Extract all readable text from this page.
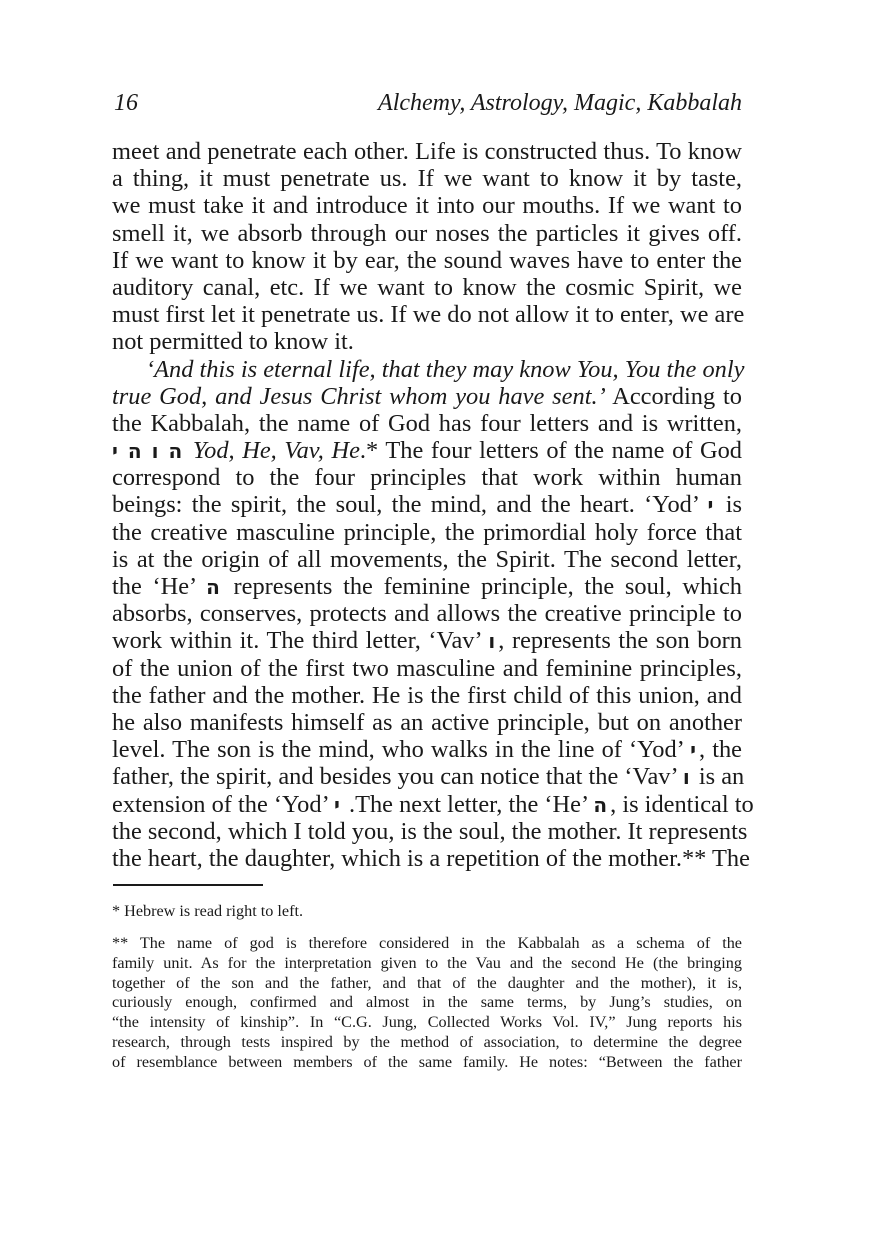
16	Alchemy, Astrology, Magic, Kabbalah
meet and penetrate each other. Life is constructed thus. To know
a thing, it must penetrate us. If we want to know it by taste,
we must take it and introduce it into our mouths. If we want to
smell it, we absorb through our noses the particles it gives off.
If we want to know it by ear, the sound waves have to enter the
auditory canal, etc. If we want to know the cosmic Spirit, we
must first let it penetrate us. If we do not allow it to enter, we are
not permitted to know it.
‘And this is eternal life, that they may know You, You the only
true God, and Jesus Christ whom you have sent.’ According to
the Kabbalah, the name of God has four letters and is written,
ה ו ה י Yod, He, Vav, He.* The four letters of the name of God
correspond to the four principles that work within human
beings: the spirit, the soul, the mind, and the heart. ‘Yod’ י is
the creative masculine principle, the primordial holy force that
is at the origin of all movements, the Spirit. The second letter,
the ‘He’ ה represents the feminine principle, the soul, which
absorbs, conserves, protects and allows the creative principle to
work within it. The third letter, ‘Vav’ ו, represents the son born
of the union of the first two masculine and feminine principles,
the father and the mother. He is the first child of this union, and
he also manifests himself as an active principle, but on another
level. The son is the mind, who walks in the line of ‘Yod’ י, the
father, the spirit, and besides you can notice that the ‘Vav’ ו is an
extension of the ‘Yod’ י .The next letter, the ‘He’ ה, is identical to
the second, which I told you, is the soul, the mother. It represents
the heart, the daughter, which is a repetition of the mother.** The
* Hebrew is read right to left.
** The name of god is therefore considered in the Kabbalah as a schema of the
family unit. As for the interpretation given to the Vau and the second He (the bringing
together of the son and the father, and that of the daughter and the mother), it is,
curiously enough, confirmed and almost in the same terms, by Jung’s studies, on
“the intensity of kinship”. In “C.G. Jung, Collected Works Vol. IV,” Jung reports his
research, through tests inspired by the method of association, to determine the degree
of resemblance between members of the same family. He notes: “Between the father
